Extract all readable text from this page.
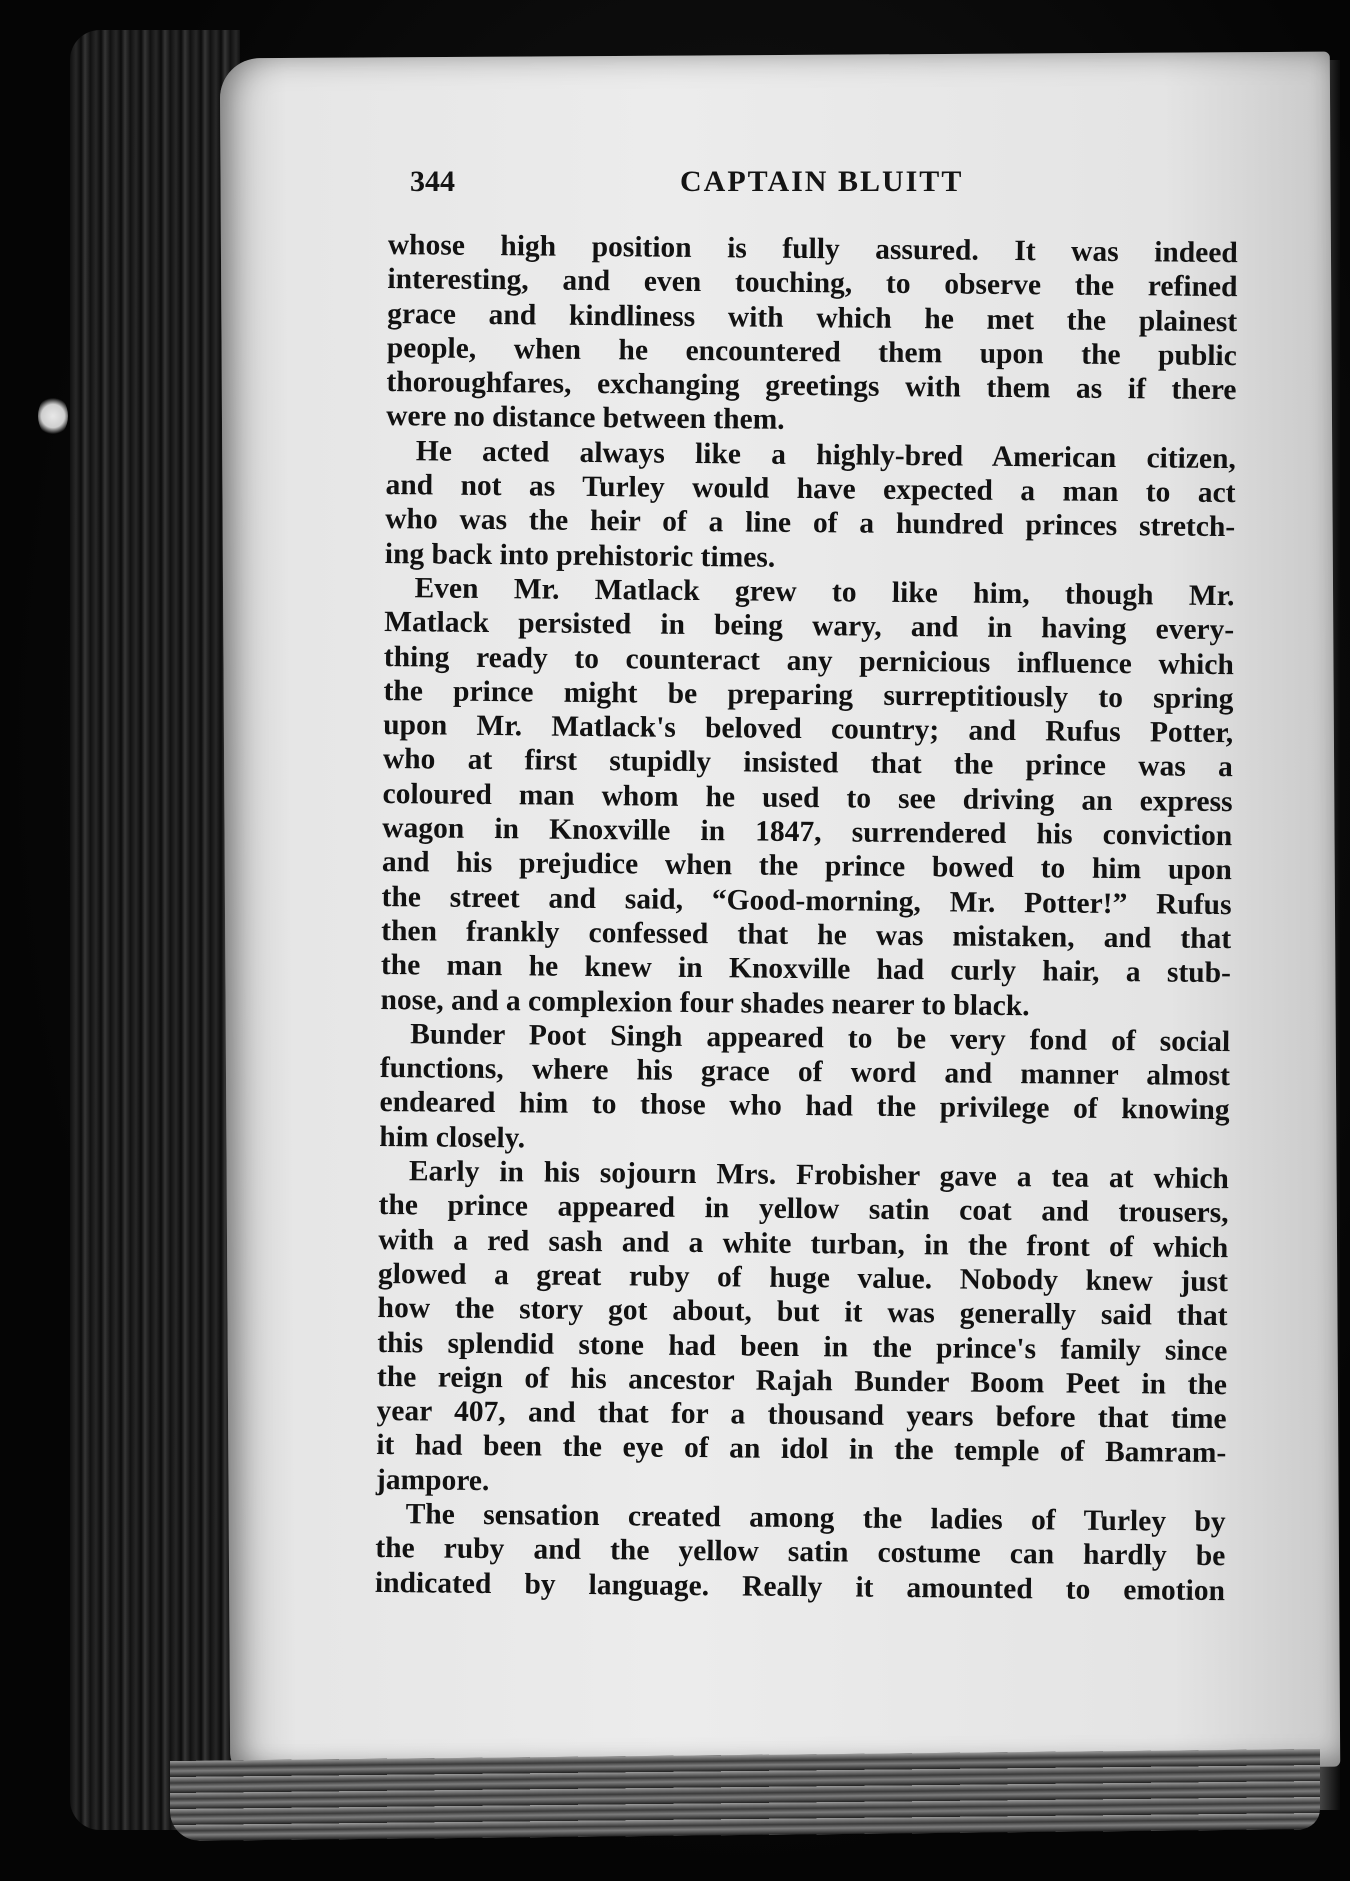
344	CAPTAIN BLUITT
whose high position is fully assured. It was indeed
interesting, and even touching, to observe the refined
grace and kindliness with which he met the plainest
people, when he encountered them upon the public
thoroughfares, exchanging greetings with them as if there
were no distance between them.
He acted always like a highly-bred American citizen,
and not as Turley would have expected a man to act
who was the heir of a line of a hundred princes stretch-
ing back into prehistoric times.
Even Mr. Matlack grew to like him, though Mr.
Matlack persisted in being wary, and in having every-
thing ready to counteract any pernicious influence which
the prince might be preparing surreptitiously to spring
upon Mr. Matlack's beloved country; and Rufus Potter,
who at first stupidly insisted that the prince was a
coloured man whom he used to see driving an express
wagon in Knoxville in 1847, surrendered his conviction
and his prejudice when the prince bowed to him upon
the street and said, “Good-morning, Mr. Potter!” Rufus
then frankly confessed that he was mistaken, and that
the man he knew in Knoxville had curly hair, a stub-
nose, and a complexion four shades nearer to black.
Bunder Poot Singh appeared to be very fond of social
functions, where his grace of word and manner almost
endeared him to those who had the privilege of knowing
him closely.
Early in his sojourn Mrs. Frobisher gave a tea at which
the prince appeared in yellow satin coat and trousers,
with a red sash and a white turban, in the front of which
glowed a great ruby of huge value. Nobody knew just
how the story got about, but it was generally said that
this splendid stone had been in the prince's family since
the reign of his ancestor Rajah Bunder Boom Peet in the
year 407, and that for a thousand years before that time
it had been the eye of an idol in the temple of Bamram-
jampore.
The sensation created among the ladies of Turley by
the ruby and the yellow satin costume can hardly be
indicated by language. Really it amounted to emotion
